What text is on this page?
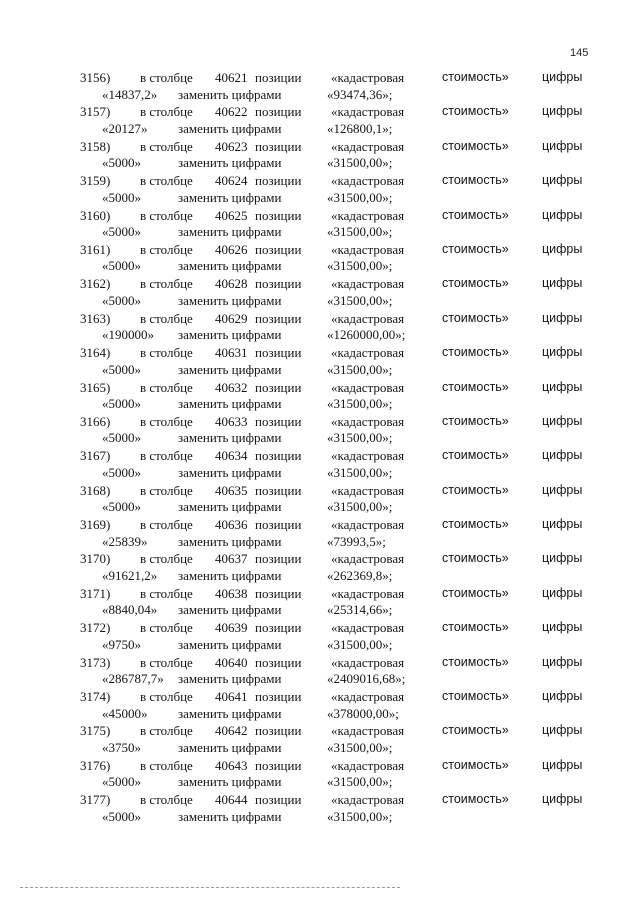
145
3156) в столбце 40621 позиции «кадастровая	стоимость»	цифры
«14837,2» заменить цифрами	«93474,36»;
3157) в столбце 40622 позиции «кадастровая	стоимость»	цифры
«20127» заменить цифрами	«126800,1»;
3158) в столбце 40623 позиции «кадастровая	стоимость»	цифры
«5000»	заменить цифрами	«31500,00»;
3159) в столбце 40624 позиции «кадастровая	стоимость»	цифры
«5000»	заменить цифрами	«31500,00»;
3160) в столбце 40625 позиции «кадастровая	стоимость»	цифры
«5000»	заменить цифрами	«31500,00»;
3161) в столбце 40626 позиции «кадастровая	стоимость»	цифры
«5000»	заменить цифрами	«31500,00»;
3162) в столбце 40628 позиции «кадастровая	стоимость»	цифры
«5000»	заменить цифрами	«31500,00»;
3163) в столбце 40629 позиции «кадастровая	стоимость»	цифры
«190000» заменить цифрами	«1260000,00»;
3164) в столбце 40631 позиции «кадастровая	стоимость»	цифры
«5000»	заменить цифрами	«31500,00»;
3165) в столбце 40632 позиции «кадастровая	стоимость»	цифры
«5000»	заменить цифрами	«31500,00»;
3166) в столбце 40633 позиции «кадастровая	стоимость»	цифры
«5000»	заменить цифрами	«31500,00»;
3167) в столбце 40634 позиции «кадастровая	стоимость»	цифры
«5000»	заменить цифрами	«31500,00»;
3168) в столбце 40635 позиции «кадастровая	стоимость»	цифры
«5000»	заменить цифрами	«31500,00»;
3169) в столбце 40636 позиции «кадастровая	стоимость»	цифры
«25839» заменить цифрами	«73993,5»;
3170) в столбце 40637 позиции «кадастровая	стоимость»	цифры
«91621,2» заменить цифрами	«262369,8»;
3171) в столбце 40638 позиции «кадастровая	стоимость»	цифры
«8840,04» заменить цифрами	«25314,66»;
3172) в столбце 40639 позиции «кадастровая	стоимость»	цифры
«9750»	заменить цифрами	«31500,00»;
3173) в столбце 40640 позиции «кадастровая	стоимость»	цифры
«286787,7» заменить цифрами	«2409016,68»;
3174) в столбце 40641 позиции «кадастровая	стоимость»	цифры
«45000» заменить цифрами	«378000,00»;
3175) в столбце 40642 позиции «кадастровая	стоимость»	цифры
«3750»	заменить цифрами	«31500,00»;
3176) в столбце 40643 позиции «кадастровая	стоимость»	цифры
«5000»	заменить цифрами	«31500,00»;
3177) в столбце 40644 позиции «кадастровая	стоимость»	цифры
«5000»	заменить цифрами	«31500,00»;
